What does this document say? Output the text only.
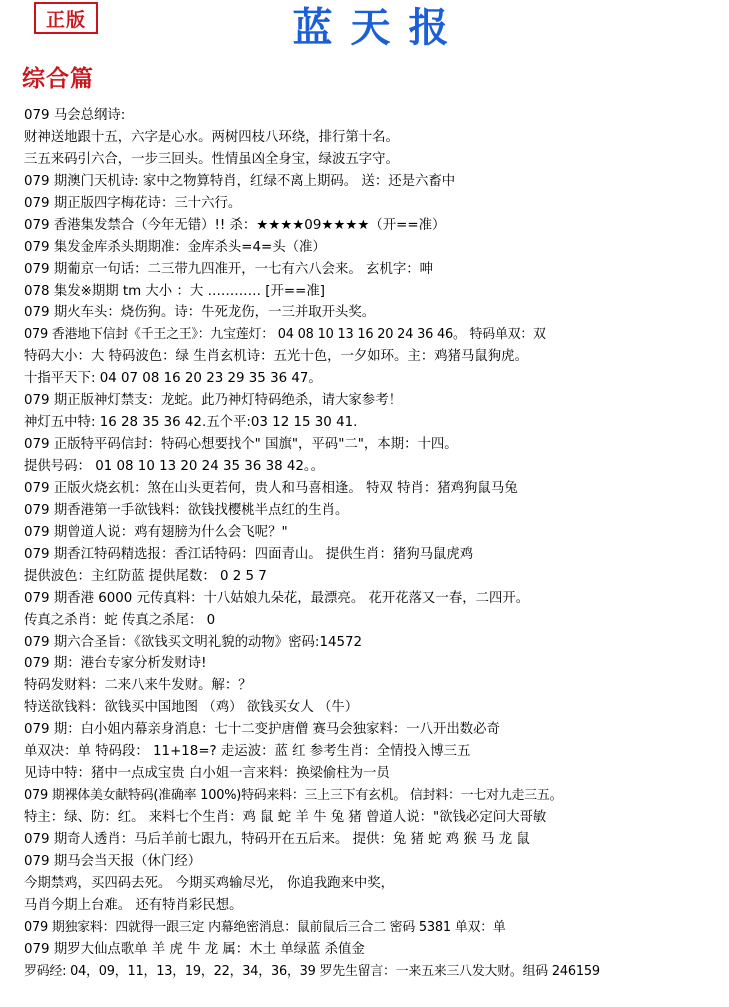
正版	蓝天报
综合篇
079 马会总纲诗:
财神送地跟十五，六字是心水。两树四枝八环绕，排行第十名。
三五来码引六合，一步三回头。性情虽凶全身宝，绿波五字守。
079 期澳门天机诗: 家中之物算特肖，红绿不离上期码。 送：还是六畜中
079 期正版四字梅花诗：三十六行。
079 香港集发禁合（今年无错）!! 杀：★★★★09★★★★（开==准）
079 集发金库杀头期期准：金库杀头=4=头（准）
079 期葡京一句话：二三带九四准开，一七有六八会来。 玄机字：呻
078 集发※期期 tm 大小 ：大 ………… [开==准]
079 期火车头：烧伤狗。诗：牛死龙伤，一三并取开头奖。
079 香港地下信封《千王之王》：九宝莲灯： 04 08 10 13 16 20 24 36 46。 特码单双：双
特码大小：大 特码波色：绿 生肖玄机诗：五光十色，一夕如环。主：鸡猪马鼠狗虎。
十指平天下: 04 07 08 16 20 23 29 35 36 47。
079 期正版神灯禁支：龙蛇。此乃神灯特码绝杀，请大家参考！
神灯五中特: 16 28 35 36 42.五个平:03 12 15 30 41.
079 正版特平码信封：特码心想要找个" 国旗"，平码"二"，本期：十四。
提供号码： 01 08 10 13 20 24 35 36 38 42。。
079 正版火烧玄机：煞在山头更若何，贵人和马喜相逢。 特双 特肖：猪鸡狗鼠马兔
079 期香港第一手欲钱料：欲钱找樱桃半点红的生肖。
079 期曾道人说：鸡有翅膀为什么会飞呢？"
079 期香江特码精选报：香江话特码：四面青山。 提供生肖：猪狗马鼠虎鸡
提供波色：主红防蓝 提供尾数： 0 2 5 7
079 期香港 6000 元传真料：十八姑娘九朵花，最漂亮。 花开花落又一春，二四开。
传真之杀肖：蛇 传真之杀尾： 0
079 期六合圣旨：《欲钱买文明礼貌的动物》密码:14572
079 期：港台专家分析发财诗!
特码发财料：二来八来牛发财。解：？
特送欲钱料：欲钱买中国地图 （鸡） 欲钱买女人 （牛）
079 期：白小姐内幕亲身消息：七十二变护唐僧 赛马会独家料：一八开出数必奇
单双决：单 特码段： 11+18=? 走运波：蓝 红 参考生肖：全情投入博三五
见诗中特：猪中一点成宝贵 白小姐一言来料：换梁偷柱为一员
079 期裸体美女献特码(准确率 100%)特码来料：三上三下有玄机。 信封料：一七对九走三五。
特主：绿、防：红。 来料七个生肖：鸡 鼠 蛇 羊 牛 兔 猪 曾道人说："欲钱必定问大哥敏
079 期奇人透肖：马后羊前七跟九，特码开在五后来。 提供：兔 猪 蛇 鸡 猴 马 龙 鼠
079 期马会当天报（休门经）
今期禁鸡，买四码去死。 今期买鸡输尽光， 你追我跑来中奖，
马肖今期上台难。 还有特肖彩民想。
079 期独家料：四就得一跟三定 内幕绝密消息：鼠前鼠后三合二 密码 5381 单双：单
079 期罗大仙点歌单 羊 虎 牛 龙 属：木土 单绿蓝 杀值金
罗码经: 04，09，11，13，19，22，34，36，39 罗先生留言：一来五来三八发大财。组码 246159
